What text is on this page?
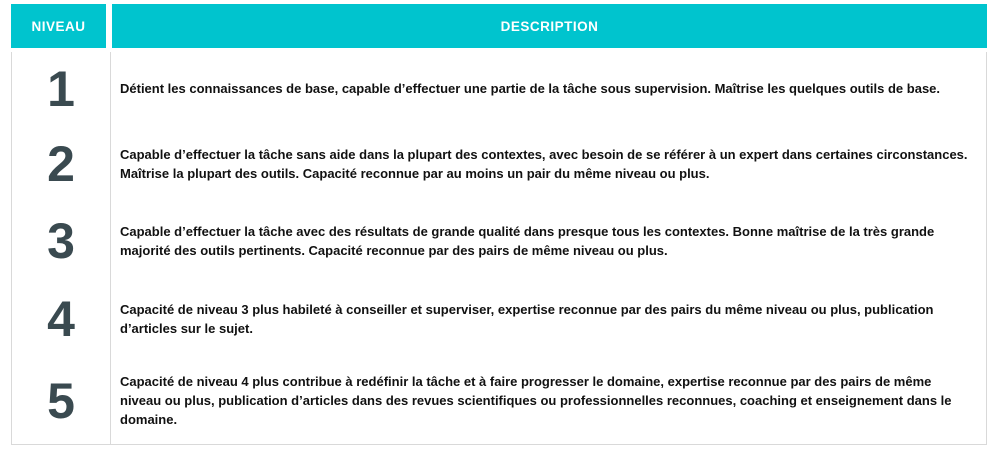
NIVEAU	DESCRIPTION
1	Détient les connaissances de base, capable d’effectuer une partie de la tâche sous supervision. Maîtrise les quelques outils de base.
2	Capable d’effectuer la tâche sans aide dans la plupart des contextes, avec besoin de se référer à un expert dans certaines circonstances. Maîtrise la plupart des outils. Capacité reconnue par au moins un pair du même niveau ou plus.
3	Capable d’effectuer la tâche avec des résultats de grande qualité dans presque tous les contextes. Bonne maîtrise de la très grande majorité des outils pertinents. Capacité reconnue par des pairs de même niveau ou plus.
4	Capacité de niveau 3 plus habileté à conseiller et superviser, expertise reconnue par des pairs du même niveau ou plus, publication d’articles sur le sujet.
5	Capacité de niveau 4 plus contribue à redéfinir la tâche et à faire progresser le domaine, expertise reconnue par des pairs de même niveau ou plus, publication d’articles dans des revues scientifiques ou professionnelles reconnues, coaching et enseignement dans le domaine.
